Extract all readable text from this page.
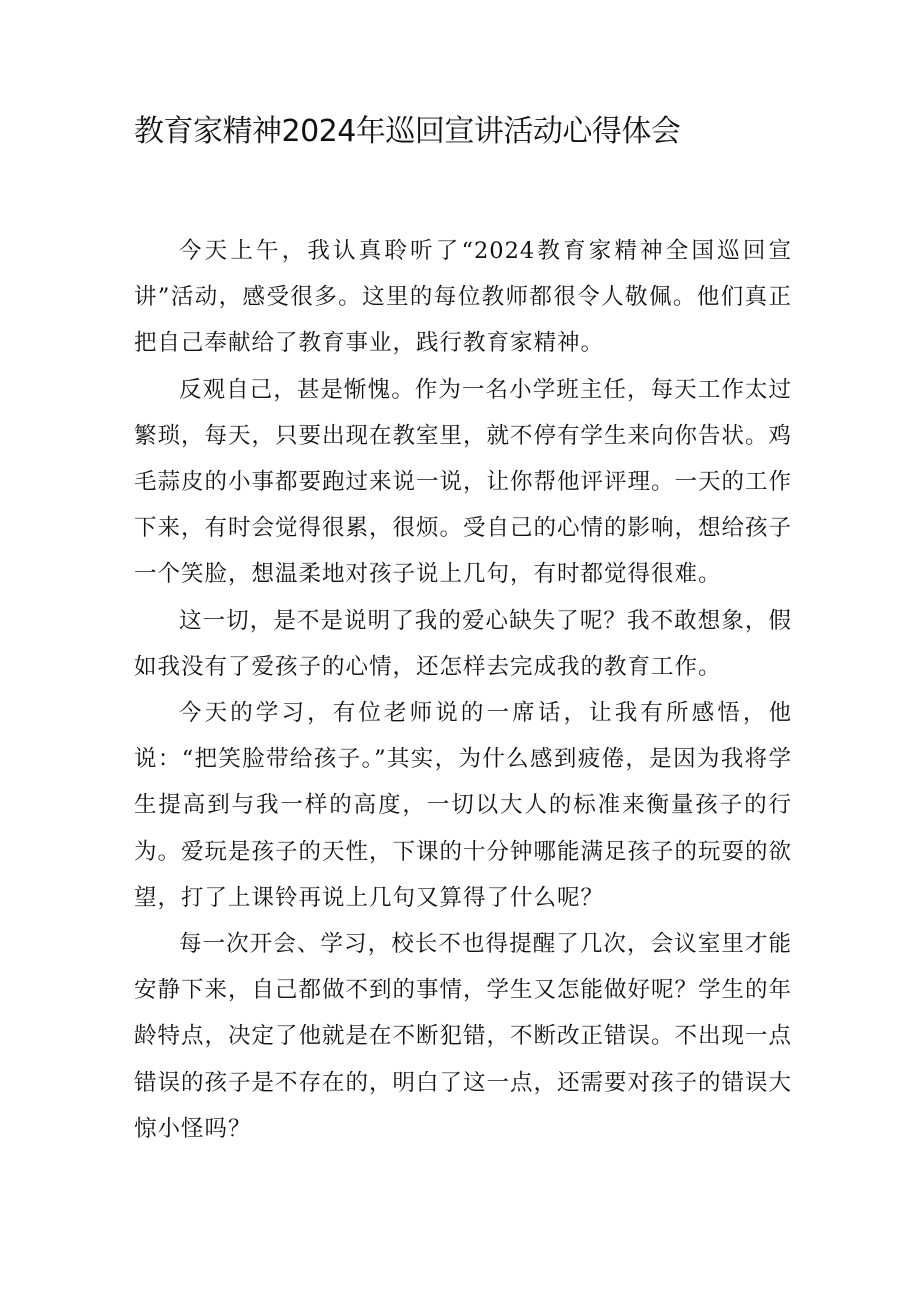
教育家精神2024年巡回宣讲活动心得体会

今天上午，我认真聆听了“2024教育家精神全国巡回宣讲”活动，感受很多。这里的每位教师都很令人敬佩。他们真正把自己奉献给了教育事业，践行教育家精神。

反观自己，甚是惭愧。作为一名小学班主任，每天工作太过繁琐，每天，只要出现在教室里，就不停有学生来向你告状。鸡毛蒜皮的小事都要跑过来说一说，让你帮他评评理。一天的工作下来，有时会觉得很累，很烦。受自己的心情的影响，想给孩子一个笑脸，想温柔地对孩子说上几句，有时都觉得很难。

这一切，是不是说明了我的爱心缺失了呢？我不敢想象，假如我没有了爱孩子的心情，还怎样去完成我的教育工作。

今天的学习，有位老师说的一席话，让我有所感悟，他说：“把笑脸带给孩子。”其实，为什么感到疲倦，是因为我将学生提高到与我一样的高度，一切以大人的标准来衡量孩子的行为。爱玩是孩子的天性，下课的十分钟哪能满足孩子的玩耍的欲望，打了上课铃再说上几句又算得了什么呢？

每一次开会、学习，校长不也得提醒了几次，会议室里才能安静下来，自己都做不到的事情，学生又怎能做好呢？学生的年龄特点，决定了他就是在不断犯错，不断改正错误。不出现一点错误的孩子是不存在的，明白了这一点，还需要对孩子的错误大惊小怪吗？
